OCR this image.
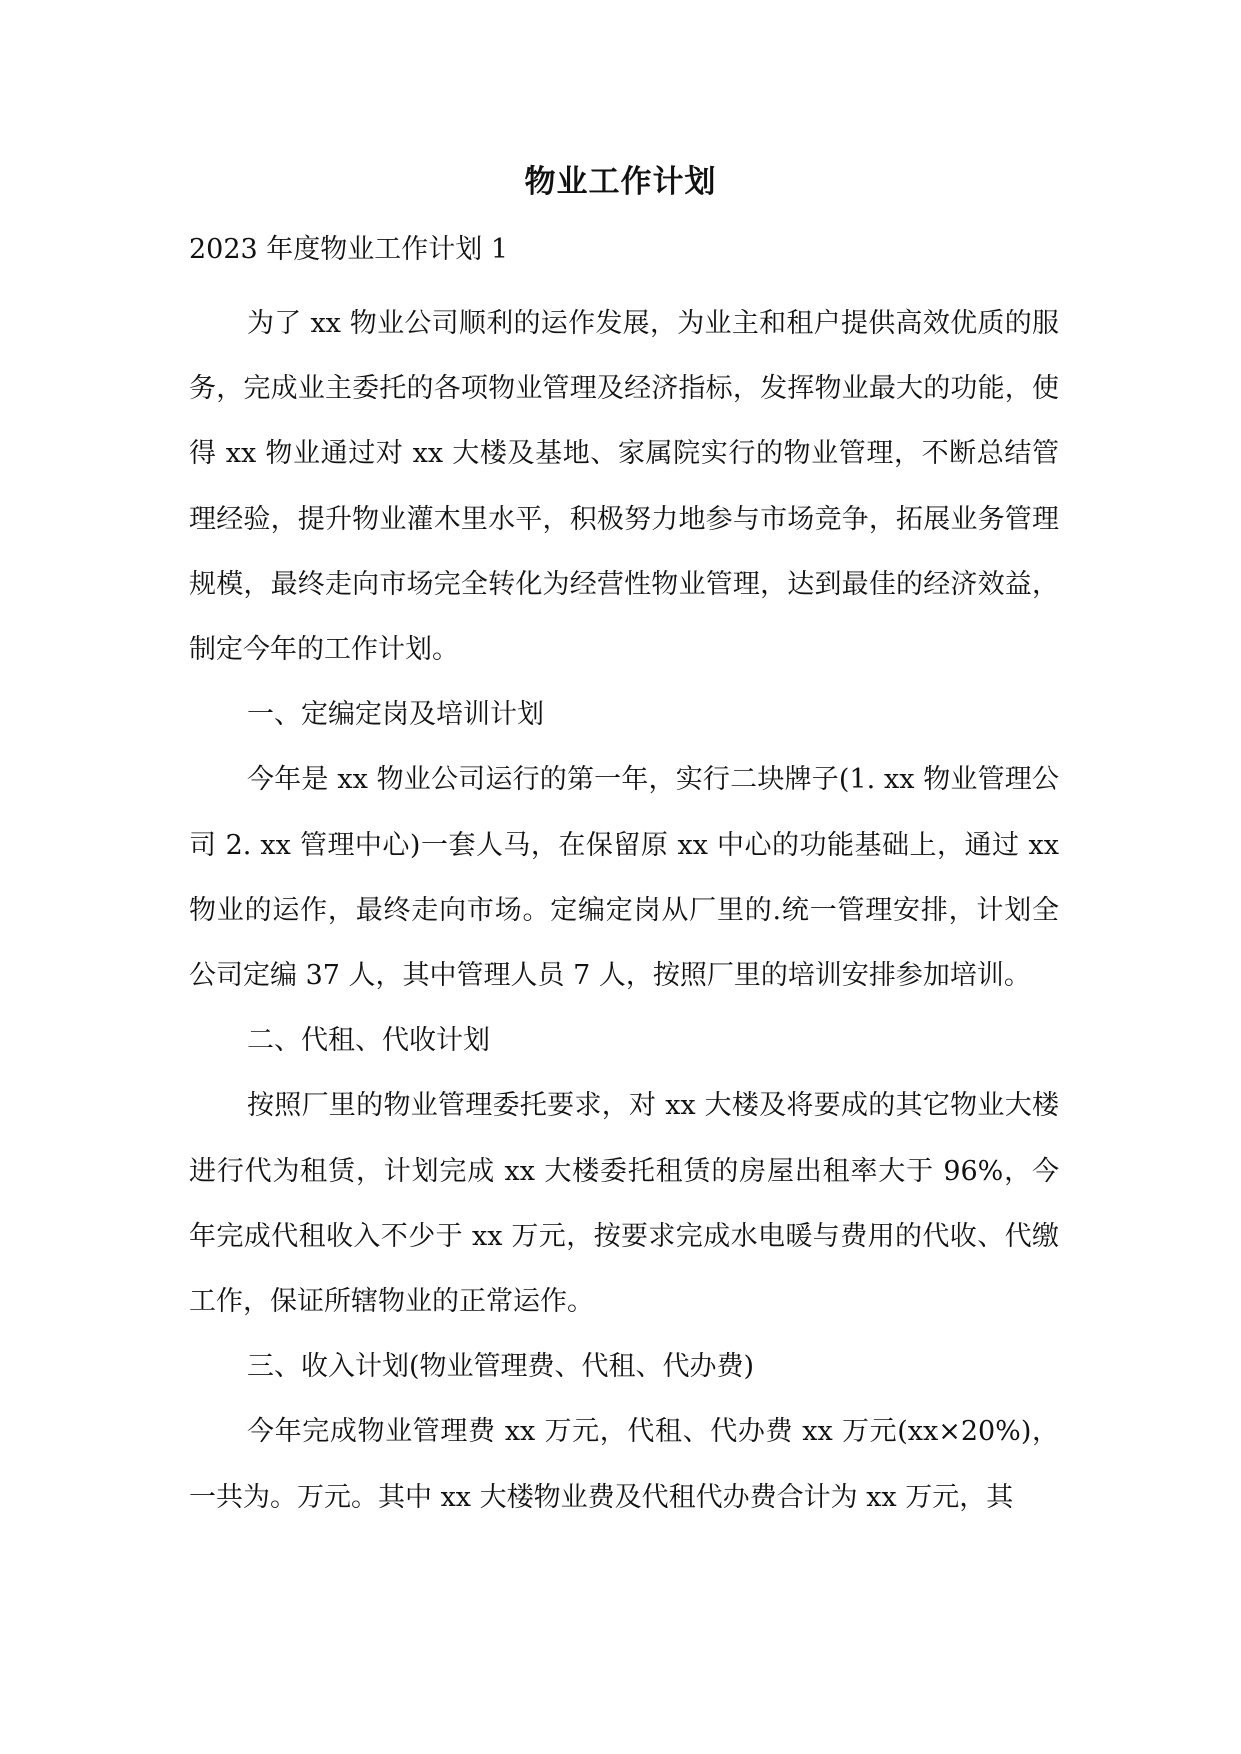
物业工作计划

2023 年度物业工作计划 1

为了 xx 物业公司顺利的运作发展，为业主和租户提供高效优质的服务，完成业主委托的各项物业管理及经济指标，发挥物业最大的功能，使得 xx 物业通过对 xx 大楼及基地、家属院实行的物业管理，不断总结管理经验，提升物业灌木里水平，积极努力地参与市场竞争，拓展业务管理规模，最终走向市场完全转化为经营性物业管理，达到最佳的经济效益，制定今年的工作计划。

一、定编定岗及培训计划

今年是 xx 物业公司运行的第一年，实行二块牌子(1. xx 物业管理公司 2. xx 管理中心)一套人马，在保留原 xx 中心的功能基础上，通过 xx 物业的运作，最终走向市场。定编定岗从厂里的.统一管理安排，计划全公司定编 37 人，其中管理人员 7 人，按照厂里的培训安排参加培训。

二、代租、代收计划

按照厂里的物业管理委托要求，对 xx 大楼及将要成的其它物业大楼进行代为租赁，计划完成 xx 大楼委托租赁的房屋出租率大于 96%，今年完成代租收入不少于 xx 万元，按要求完成水电暖与费用的代收、代缴工作，保证所辖物业的正常运作。

三、收入计划(物业管理费、代租、代办费)

今年完成物业管理费 xx 万元，代租、代办费 xx 万元(xx×20%)，一共为。万元。其中 xx 大楼物业费及代租代办费合计为 xx 万元，其
